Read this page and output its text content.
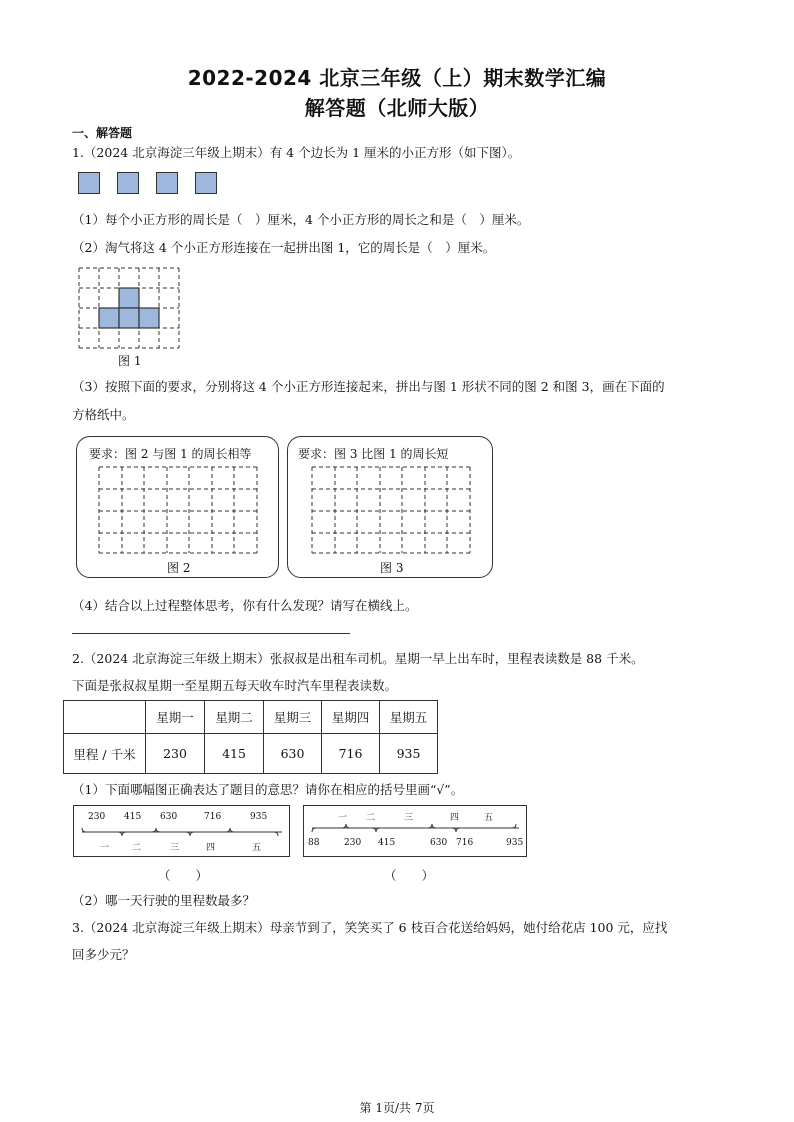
2022-2024 北京三年级（上）期末数学汇编
解答题（北师大版）
一、解答题
1.（2024 北京海淀三年级上期末）有 4 个边长为 1 厘米的小正方形（如下图）。
（1）每个小正方形的周长是（　）厘米，4 个小正方形的周长之和是（　）厘米。
（2）淘气将这 4 个小正方形连接在一起拼出图 1，它的周长是（　）厘米。
图 1
（3）按照下面的要求，分别将这 4 个小正方形连接起来，拼出与图 1 形状不同的图 2 和图 3，画在下面的
方格纸中。
要求：图 2 与图 1 的周长相等
图 2
要求：图 3 比图 1 的周长短
图 3
（4）结合以上过程整体思考，你有什么发现？请写在横线上。
2.（2024 北京海淀三年级上期末）张叔叔是出租车司机。星期一早上出车时，里程表读数是 88 千米。
下面是张叔叔星期一至星期五每天收车时汽车里程表读数。
	星期一	星期二	星期三	星期四	星期五
里程 / 千米	230	415	630	716	935
（1）下面哪幅图正确表达了题目的意思？请你在相应的括号里画“√”。
230 415 630	716	935
一	二	三	四	五
一 二	三	四	五
88	230 415	630 716	935
（　　）	（　　）
（2）哪一天行驶的里程数最多？
3.（2024 北京海淀三年级上期末）母亲节到了，笑笑买了 6 枝百合花送给妈妈，她付给花店 100 元，应找
回多少元？
第 1页/共 7页
